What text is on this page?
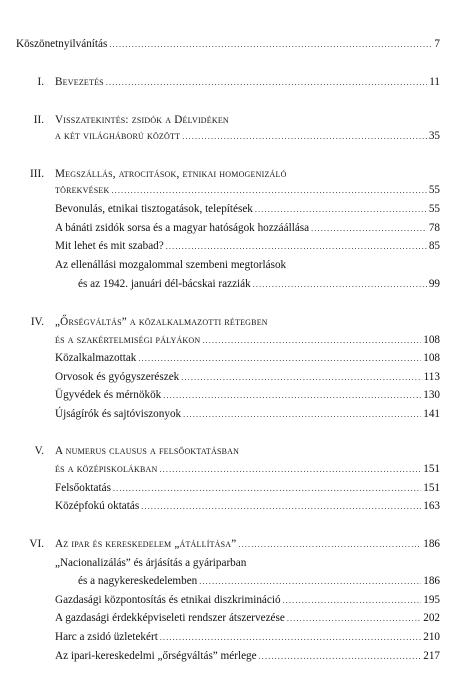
Köszönetnyilvánítás .....	7
I. Bevezetés .....	11
II. Visszatekintés: zsidók a Délvidéken
a két világháború között .....	35
III. Megszállás, atrocitások, etnikai homogenizáló
törekvések .....	55
Bevonulás, etnikai tisztogatások, telepítések .....	55
A bánáti zsidók sorsa és a magyar hatóságok hozzáállása .....	78
Mit lehet és mit szabad? .....	85
Az ellenállási mozgalommal szembeni megtorlások
és az 1942. januári dél-bácskai razziák .....	99
IV. „Őrségváltás” a közalkalmazotti rétegben
és a szakértelmiségi pályákon .....	108
Közalkalmazottak .....	108
Orvosok és gyógyszerészek .....	113
Ügyvédek és mérnökök .....	130
Újságírók és sajtóviszonyok .....	141
V. A numerus clausus a felsőoktatásban
és a középiskolákban .....	151
Felsőoktatás .....	151
Középfokú oktatás .....	163
VI. Az ipar és kereskedelem „átállítása” .....	186
„Nacionalizálás” és árjásítás a gyáriparban
és a nagykereskedelemben .....	186
Gazdasági központosítás és etnikai diszkrimináció .....	195
A gazdasági érdekképviseleti rendszer átszervezése .....	202
Harc a zsidó üzletekért .....	210
Az ipari-kereskedelmi „őrségváltás” mérlege .....	217
